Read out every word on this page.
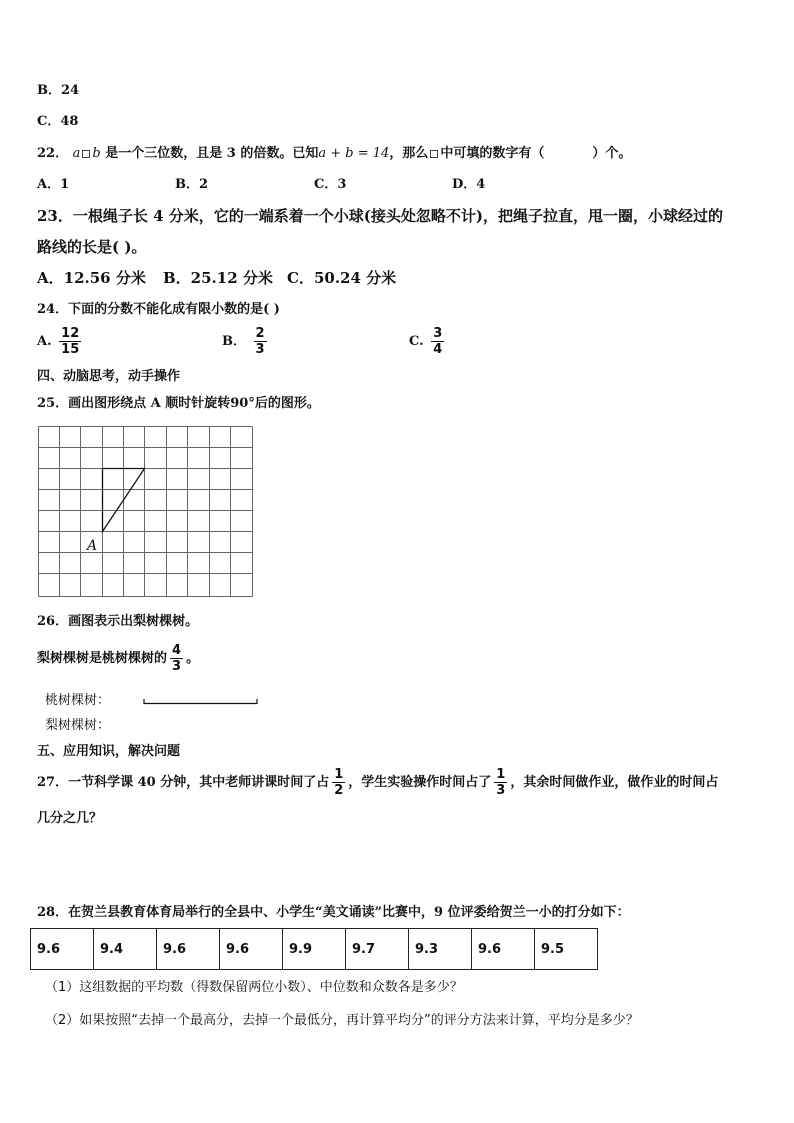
B．24
C．48
22． a b 是一个三位数，且是 3 的倍数。已知a + b = 14，那么 中可填的数字有（	）个。
A．1	B．2	C．3	D．4
23．一根绳子长 4 分米，它的一端系着一个小球(接头处忽略不计)，把绳子拉直，甩一圈，小球经过的
路线的长是( )。
A．12.56 分米 B．25.12 分米 C．50.24 分米
24．下面的分数不能化成有限小数的是( )
A. $\frac{12}{15}$	B． $\frac{2}{3}$	C. $\frac{3}{4}$
四、动脑思考，动手操作
25．画出图形绕点 A 顺时针旋转90°后的图形。
A
26．画图表示出梨树棵树。
梨树棵树是桃树棵树的 $\frac{4}{3}$ 。
桃树棵树：
梨树棵树：
五、应用知识，解决问题
27．一节科学课 40 分钟，其中老师讲课时间了占 $\frac{1}{2}$ ，学生实验操作时间占了 $\frac{1}{3}$ ，其余时间做作业，做作业的时间占
几分之几？
28．在贺兰县教育体育局举行的全县中、小学生“美文诵读”比赛中，9 位评委给贺兰一小的打分如下：
9.6	9.4	9.6	9.6	9.9	9.7	9.3	9.6	9.5
（1）这组数据的平均数（得数保留两位小数）、中位数和众数各是多少？
（2）如果按照“去掉一个最高分，去掉一个最低分，再计算平均分”的评分方法来计算，平均分是多少？
